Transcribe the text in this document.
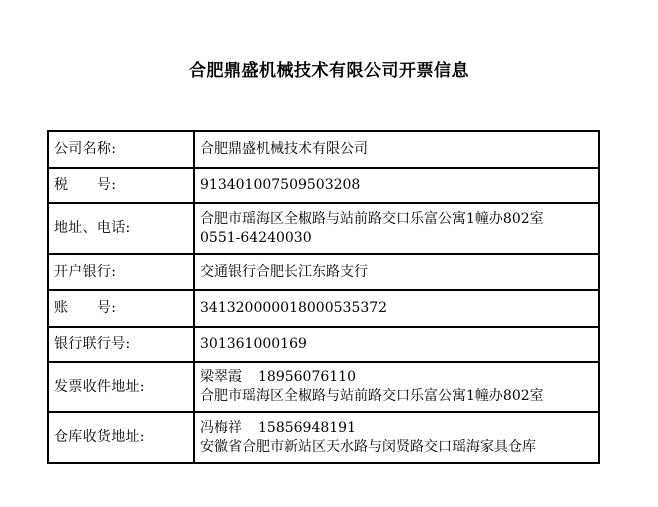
合肥鼎盛机械技术有限公司开票信息
公司名称:	合肥鼎盛机械技术有限公司

税　　号:	913401007509503208

地址、电话:	合肥市瑶海区全椒路与站前路交口乐富公寓1幢办802室
0551-64240030

开户银行:	交通银行合肥长江东路支行

账　　号:	341320000018000535372

银行联行号:	301361000169

发票收件地址:	梁翠霞 18956076110
合肥市瑶海区全椒路与站前路交口乐富公寓1幢办802室

仓库收货地址:	冯梅祥 15856948191
安徽省合肥市新站区天水路与闵贤路交口瑶海家具仓库
